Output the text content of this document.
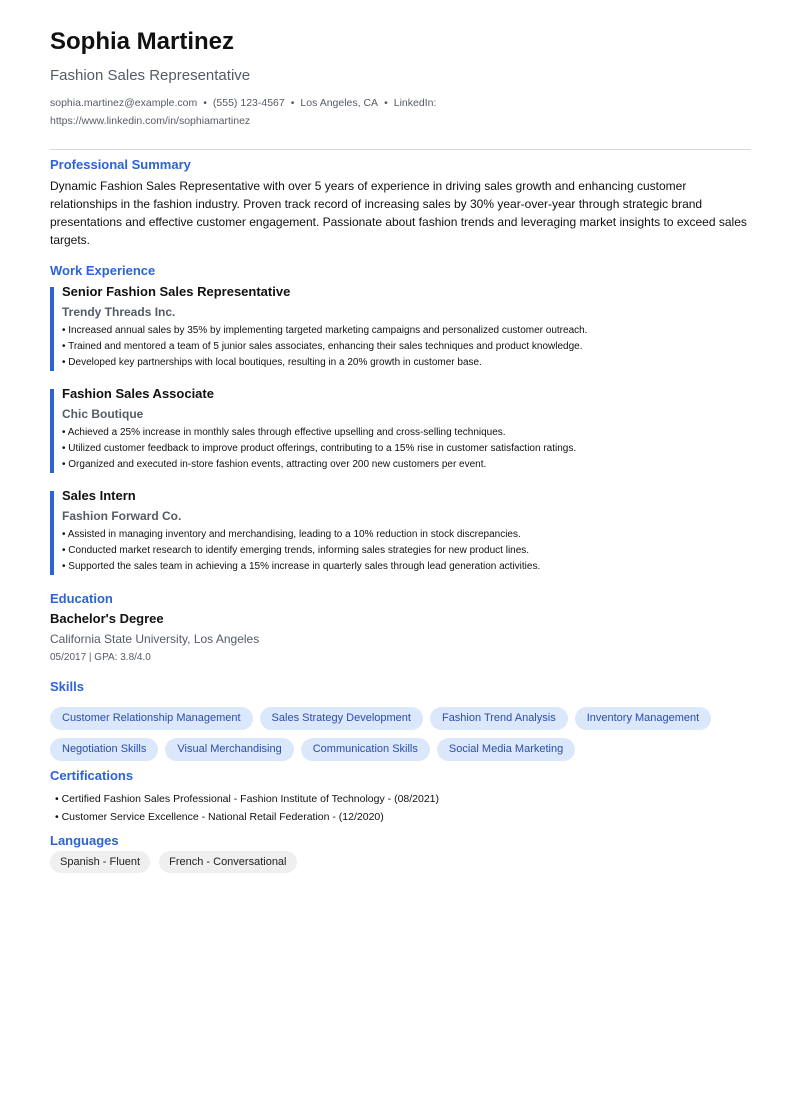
Sophia Martinez
Fashion Sales Representative
sophia.martinez@example.com • (555) 123-4567 • Los Angeles, CA • LinkedIn:
https://www.linkedin.com/in/sophiamartinez
Professional Summary
Dynamic Fashion Sales Representative with over 5 years of experience in driving sales growth and enhancing customer relationships in the fashion industry. Proven track record of increasing sales by 30% year-over-year through strategic brand presentations and effective customer engagement. Passionate about fashion trends and leveraging market insights to exceed sales targets.
Work Experience
Senior Fashion Sales Representative
Trendy Threads Inc.
• Increased annual sales by 35% by implementing targeted marketing campaigns and personalized customer outreach.
• Trained and mentored a team of 5 junior sales associates, enhancing their sales techniques and product knowledge.
• Developed key partnerships with local boutiques, resulting in a 20% growth in customer base.
Fashion Sales Associate
Chic Boutique
• Achieved a 25% increase in monthly sales through effective upselling and cross-selling techniques.
• Utilized customer feedback to improve product offerings, contributing to a 15% rise in customer satisfaction ratings.
• Organized and executed in-store fashion events, attracting over 200 new customers per event.
Sales Intern
Fashion Forward Co.
• Assisted in managing inventory and merchandising, leading to a 10% reduction in stock discrepancies.
• Conducted market research to identify emerging trends, informing sales strategies for new product lines.
• Supported the sales team in achieving a 15% increase in quarterly sales through lead generation activities.
Education
Bachelor's Degree
California State University, Los Angeles
05/2017 | GPA: 3.8/4.0
Skills
Customer Relationship Management	Sales Strategy Development	Fashion Trend Analysis	Inventory Management
Negotiation Skills	Visual Merchandising	Communication Skills	Social Media Marketing
Certifications
• Certified Fashion Sales Professional - Fashion Institute of Technology - (08/2021)
• Customer Service Excellence - National Retail Federation - (12/2020)
Languages
Spanish - Fluent	French - Conversational
